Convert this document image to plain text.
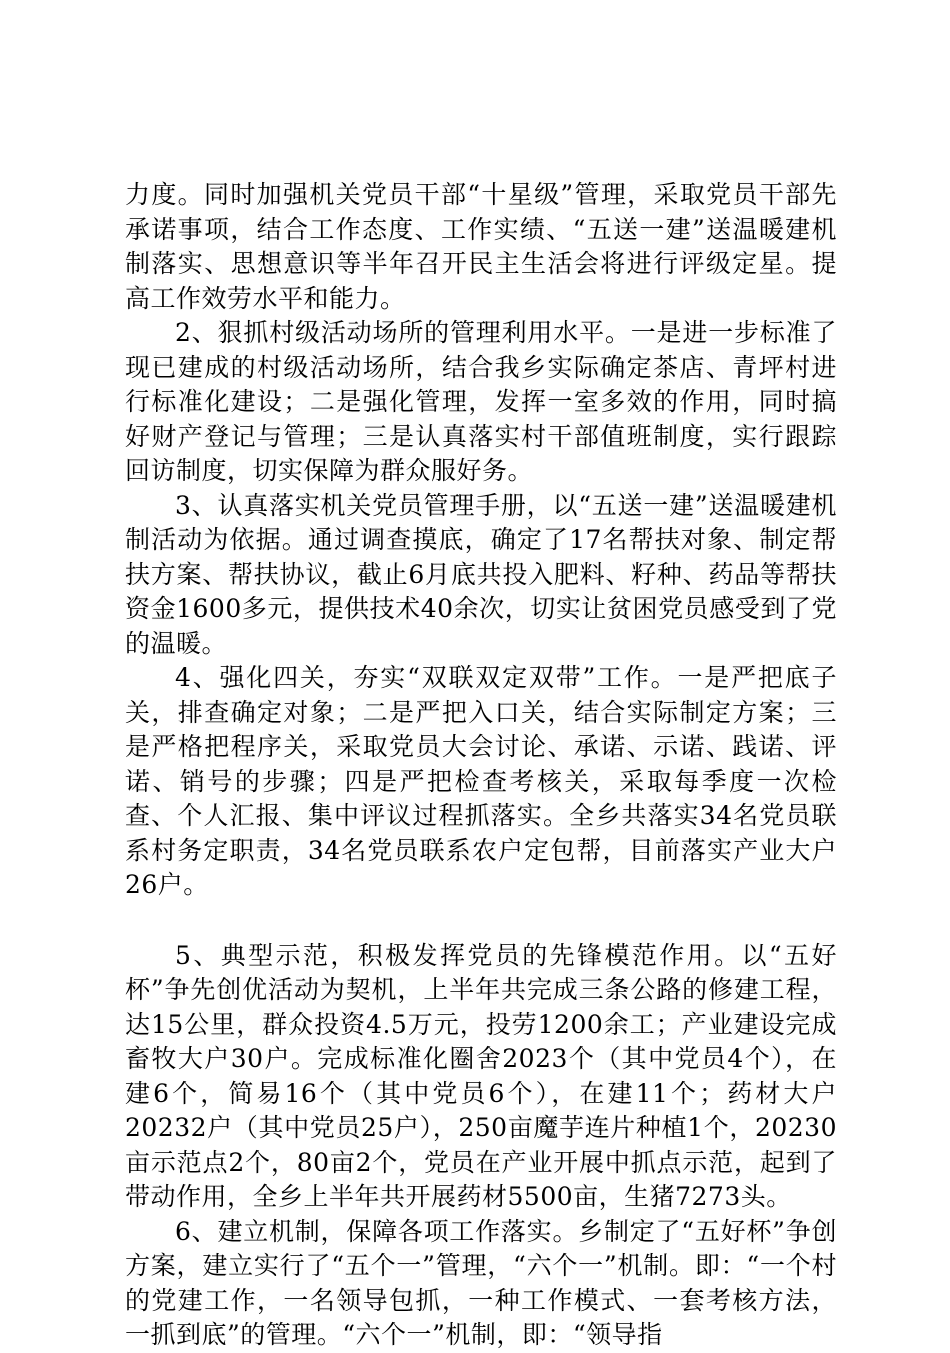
力度。同时加强机关党员干部“十星级”管理，采取党员干部先承诺事项，结合工作态度、工作实绩、“五送一建”送温暖建机制落实、思想意识等半年召开民主生活会将进行评级定星。提高工作效劳水平和能力。

2、狠抓村级活动场所的管理利用水平。一是进一步标准了现已建成的村级活动场所，结合我乡实际确定茶店、青坪村进行标准化建设；二是强化管理，发挥一室多效的作用，同时搞好财产登记与管理；三是认真落实村干部值班制度，实行跟踪回访制度，切实保障为群众服好务。

3、认真落实机关党员管理手册，以“五送一建”送温暖建机制活动为依据。通过调查摸底，确定了17名帮扶对象、制定帮扶方案、帮扶协议，截止6月底共投入肥料、籽种、药品等帮扶资金1600多元，提供技术40余次，切实让贫困党员感受到了党的温暖。

4、强化四关，夯实“双联双定双带”工作。一是严把底子关，排查确定对象；二是严把入口关，结合实际制定方案；三是严格把程序关，采取党员大会讨论、承诺、示诺、践诺、评诺、销号的步骤；四是严把检查考核关，采取每季度一次检查、个人汇报、集中评议过程抓落实。全乡共落实34名党员联系村务定职责，34名党员联系农户定包帮，目前落实产业大户26户。

5、典型示范，积极发挥党员的先锋模范作用。以“五好杯”争先创优活动为契机，上半年共完成三条公路的修建工程，达15公里，群众投资4.5万元，投劳1200余工；产业建设完成畜牧大户30户。完成标准化圈舍2023个（其中党员4个），在建6个，简易16个（其中党员6个），在建11个；药材大户20232户（其中党员25户），250亩魔芋连片种植1个，20230亩示范点2个，80亩2个，党员在产业开展中抓点示范，起到了带动作用，全乡上半年共开展药材5500亩，生猪7273头。

6、建立机制，保障各项工作落实。乡制定了“五好杯”争创方案，建立实行了“五个一”管理，“六个一”机制。即：“一个村的党建工作，一名领导包抓，一种工作模式、一套考核方法，一抓到底”的管理。“六个一”机制，即：“领导指
